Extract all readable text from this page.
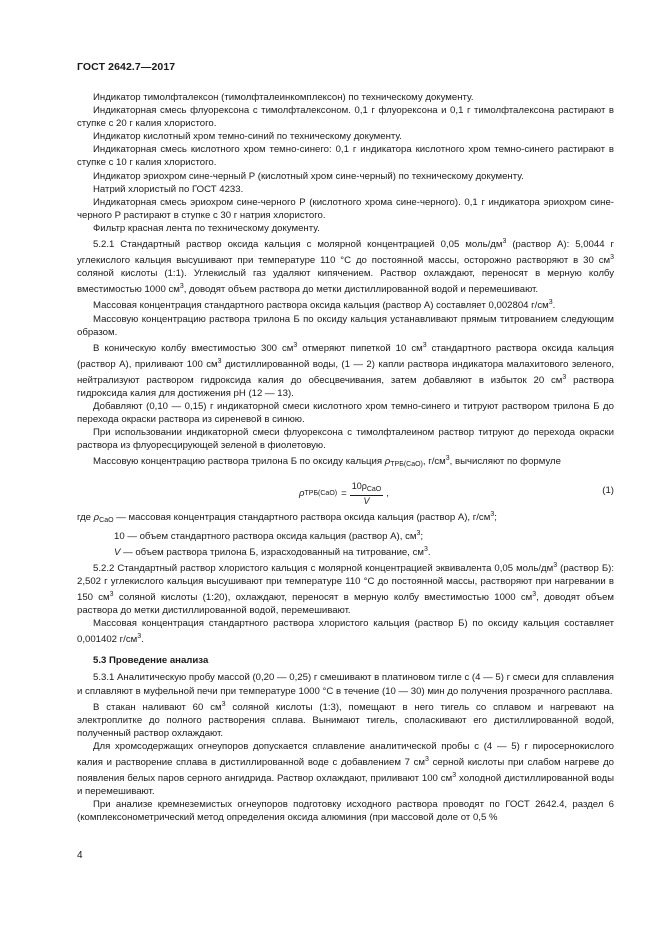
ГОСТ 2642.7—2017

Индикатор тимолфталексон (тимолфталеинкомплексон) по техническому документу.

Индикаторная смесь флуорексона с тимолфталексоном. 0,1 г флуорексона и 0,1 г тимолфталексона растирают в ступке с 20 г калия хлористого.

Индикатор кислотный хром темно-синий по техническому документу.

Индикаторная смесь кислотного хром темно-синего: 0,1 г индикатора кислотного хром темно-синего растирают в ступке с 10 г калия хлористого.

Индикатор эриохром сине-черный Р (кислотный хром сине-черный) по техническому документу.

Натрий хлористый по ГОСТ 4233.

Индикаторная смесь эриохром сине-черного Р (кислотного хрома сине-черного). 0,1 г индикатора эриохром сине-черного Р растирают в ступке с 30 г натрия хлористого.

Фильтр красная лента по техническому документу.

5.2.1 Стандартный раствор оксида кальция с молярной концентрацией 0,05 моль/$дм^3$ (раствор А): 5,0044 г углекислого кальция высушивают при температуре 110 °С до постоянной массы, осторожно растворяют в 30 $см^3$ соляной кислоты (1:1). Углекислый газ удаляют кипячением. Раствор охлаждают, переносят в мерную колбу вместимостью 1000 $см^3$, доводят объем раствора до метки дистиллированной водой и перемешивают.

Массовая концентрация стандартного раствора оксида кальция (раствор А) составляет 0,002804 $г/см^3$.

Массовую концентрацию раствора трилона Б по оксиду кальция устанавливают прямым титрованием следующим образом.

В коническую колбу вместимостью 300 $см^3$ отмеряют пипеткой 10 $см^3$ стандартного раствора оксида кальция (раствор А), приливают 100 $см^3$ дистиллированной воды, (1 — 2) капли раствора индикатора малахитового зеленого, нейтрализуют раствором гидроксида калия до обесцвечивания, затем добавляют в избыток 20 $см^3$ раствора гидроксида калия для достижения рН (12 — 13).

Добавляют (0,10 — 0,15) г индикаторной смеси кислотного хром темно-синего и титруют раствором трилона Б до перехода окраски раствора из сиреневой в синюю.

При использовании индикаторной смеси флуорексона с тимолфталеином раствор титруют до перехода окраски раствора из флуоресцирующей зеленой в фиолетовую.

Массовую концентрацию раствора трилона Б по оксиду кальция $\rho_{ТРБ(CaO)}$, $г/см^3$, вычисляют по формуле

ρ $ТРБ(CaO) = \frac{10\rho_{CaO}}{V}$ ,	(1)

где $\rho_{CaO}$ — массовая концентрация стандартного раствора оксида кальция (раствор А), $г/см^3$;

10 — объем стандартного раствора оксида кальция (раствор А), $см^3$;

V — объем раствора трилона Б, израсходованный на титрование, $см^3$.

5.2.2 Стандартный раствор хлористого кальция с молярной концентрацией эквивалента 0,05 моль/$дм^3$ (раствор Б): 2,502 г углекислого кальция высушивают при температуре 110 °С до постоянной массы, растворяют при нагревании в 150 $см^3$ соляной кислоты (1:20), охлаждают, переносят в мерную колбу вместимостью 1000 $см^3$, доводят объем раствора до метки дистиллированной водой, перемешивают.

Массовая концентрация стандартного раствора хлористого кальция (раствор Б) по оксиду кальция составляет 0,001402 $г/см^3$.

5.3 Проведение анализа

5.3.1 Аналитическую пробу массой (0,20 — 0,25) г смешивают в платиновом тигле с (4 — 5) г смеси для сплавления и сплавляют в муфельной печи при температуре 1000 °С в течение (10 — 30) мин до получения прозрачного расплава.

В стакан наливают 60 $см^3$ соляной кислоты (1:3), помещают в него тигель со сплавом и нагревают на электроплитке до полного растворения сплава. Вынимают тигель, споласкивают его дистиллированной водой, полученный раствор охлаждают.

Для хромсодержащих огнеупоров допускается сплавление аналитической пробы с (4 — 5) г пиросернокислого калия и растворение сплава в дистиллированной воде с добавлением 7 $см^3$ серной кислоты при слабом нагреве до появления белых паров серного ангидрида. Раствор охлаждают, приливают 100 $см^3$ холодной дистиллированной воды и перемешивают.

При анализе кремнеземистых огнеупоров подготовку исходного раствора проводят по ГОСТ 2642.4, раздел 6 (комплексонометрический метод определения оксида алюминия (при массовой доле от 0,5 %

4
